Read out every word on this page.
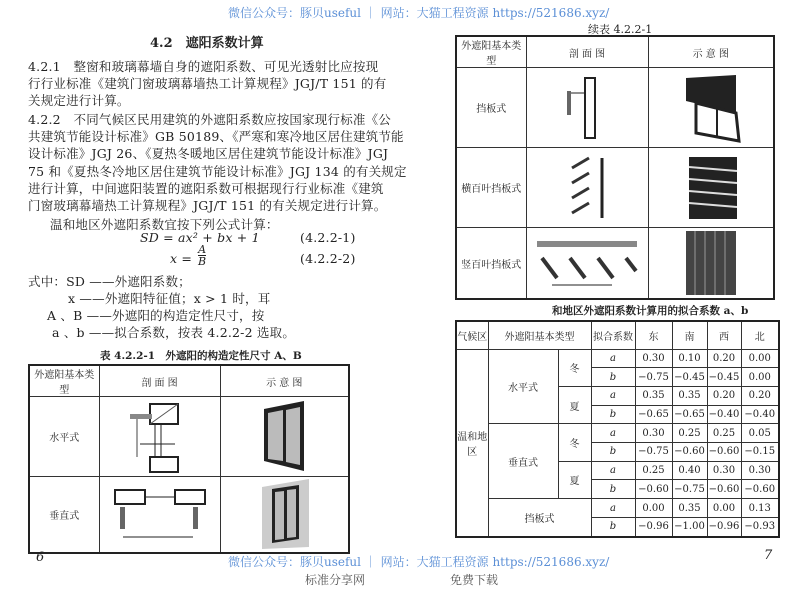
微信公众号：豚贝useful ｜ 网站：大猫工程资源 https://521686.xyz/
4.2　遮阳系数计算
4.2.1　整窗和玻璃幕墙自身的遮阳系数、可见光透射比应按现
行行业标准《建筑门窗玻璃幕墙热工计算规程》JGJ/T 151 的有
关规定进行计算。
4.2.2　不同气候区民用建筑的外遮阳系数应按国家现行标准《公
共建筑节能设计标准》GB 50189、《严寒和寒冷地区居住建筑节能
设计标准》JGJ 26、《夏热冬暖地区居住建筑节能设计标准》JGJ
75 和《夏热冬冷地区居住建筑节能设计标准》JGJ 134 的有关规定
进行计算，中间遮阳装置的遮阳系数可根据现行行业标准《建筑
门窗玻璃幕墙热工计算规程》JGJ/T 151 的有关规定进行计算。
温和地区外遮阳系数宜按下列公式计算：
SD = ax² + bx + 1	(4.2.2-1)
$x = \frac{A}{B}$	(4.2.2-2)
式中：SD ——外遮阳系数；
x ——外遮阳特征值；x > 1 时，耳
A 、B ——外遮阳的构造定性尺寸，按
a 、b ——拟合系数，按表 4.2.2-2 选取。
表 4.2.2-1　外遮阳的构造定性尺寸 A、B
外遮阳基本类型	剖 面 图	示 意 图
水平式	

垂直式	

6
续表 4.2.2-1
外遮阳基本类型	剖 面 图	示 意 图
挡板式	

横百叶挡板式	

竖百叶挡板式	

和地区外遮阳系数计算用的拟合系数 a、b
气候区	外遮阳基本类型		拟合系数	东	南	西	北
温和地区	水平式	冬	a	0.30	0.10	0.20	0.00
			b	−0.75	−0.45	−0.45	0.00
		夏	a	0.35	0.35	0.20	0.20
			b	−0.65	−0.65	−0.40	−0.40
	垂直式	冬	a	0.30	0.25	0.25	0.05
			b	−0.75	−0.60	−0.60	−0.15
		夏	a	0.25	0.40	0.30	0.30
			b	−0.60	−0.75	−0.60	−0.60
	挡板式		a	0.00	0.35	0.00	0.13
			b	−0.96	−1.00	−0.96	−0.93
7
微信公众号：豚贝useful ｜ 网站：大猫工程资源 https://521686.xyz/
标准分享网	免费下载
